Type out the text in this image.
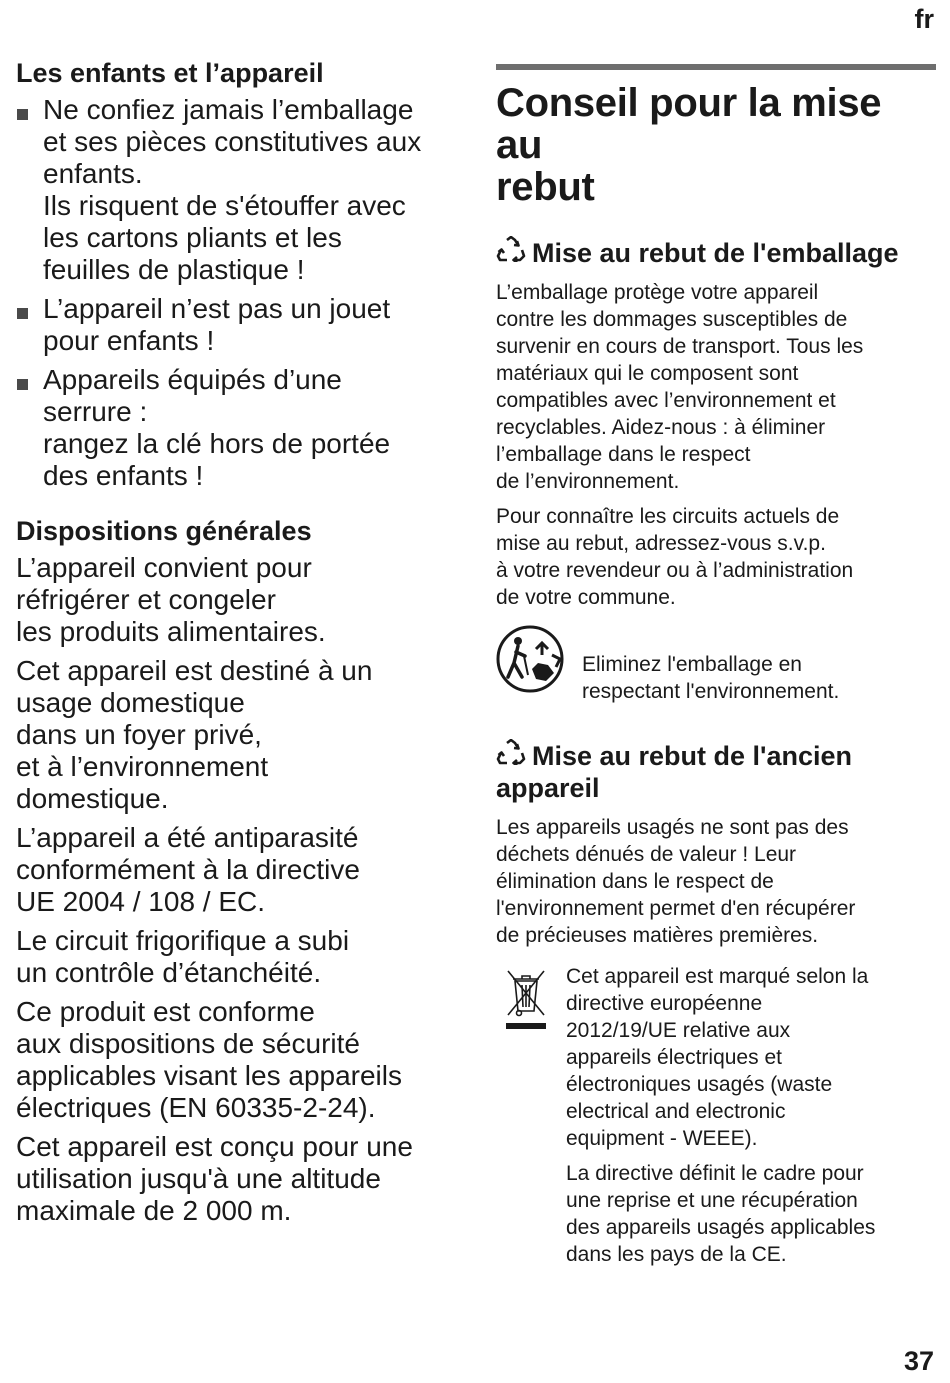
fr
Les enfants et l’appareil
Ne confiez jamais l’emballage
et ses pièces constitutives aux
enfants.
Ils risquent de s'étouffer avec
les cartons pliants et les
feuilles de plastique !
L’appareil n’est pas un jouet
pour enfants !
Appareils équipés d’une
serrure :
rangez la clé hors de portée
des enfants !
Dispositions générales

L’appareil convient pour
réfrigérer et congeler
les produits alimentaires.

Cet appareil est destiné à un
usage domestique
dans un foyer privé,
et à l’environnement
domestique.

L’appareil a été antiparasité
conformément à la directive
UE 2004 / 108 / EC.

Le circuit frigorifique a subi
un contrôle d’étanchéité.

Ce produit est conforme
aux dispositions de sécurité
applicables visant les appareils
électriques (EN 60335-2-24).

Cet appareil est conçu pour une
utilisation jusqu'à une altitude
maximale de 2 000 m.

Conseil pour la mise au
rebut
Mise au rebut de l'emballage

L’emballage protège votre appareil
contre les dommages susceptibles de
survenir en cours de transport. Tous les
matériaux qui le composent sont
compatibles avec l’environnement et
recyclables. Aidez-nous : à éliminer
l’emballage dans le respect
de l’environnement.

Pour connaître les circuits actuels de
mise au rebut, adressez-vous s.v.p.
à votre revendeur ou à l’administration
de votre commune.

Eliminez l'emballage en
respectant l'environnement.
Mise au rebut de l'ancien
appareil

Les appareils usagés ne sont pas des
déchets dénués de valeur ! Leur
élimination dans le respect de
l'environnement permet d'en récupérer
de précieuses matières premières.

Cet appareil est marqué selon la
directive européenne
2012/19/UE relative aux
appareils électriques et
électroniques usagés (waste
electrical and electronic
equipment - WEEE).

La directive définit le cadre pour
une reprise et une récupération
des appareils usagés applicables
dans les pays de la CE.

37
